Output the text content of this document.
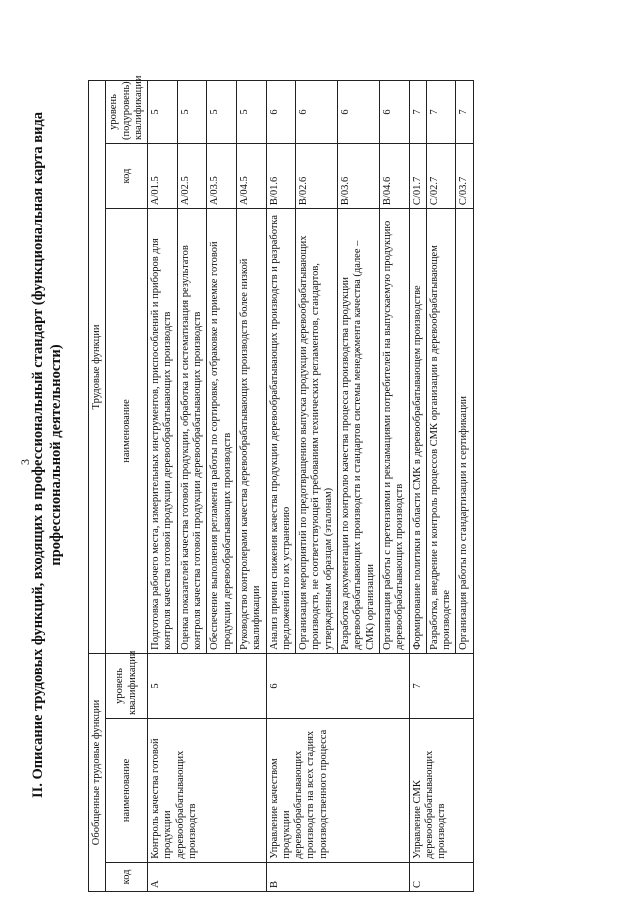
3
II. Описание трудовых функций, входящих в профессиональный стандарт (функциональная карта вида профессиональной деятельности)
Обобщенные трудовые функции			Трудовые функции		
код	наименование	уровень квалификации	наименование	код	уровень (подуровень) квалификации
A	Контроль качества готовой продукции деревообрабатывающих производств	5	Подготовка рабочего места, измерительных инструментов, приспособлений и приборов для контроля качества готовой продукции деревообрабатывающих производств	A/01.5	5
			Оценка показателей качества готовой продукции, обработка и систематизация результатов контроля качества готовой продукции деревообрабатывающих производств	A/02.5	5
			Обеспечение выполнения регламента работы по сортировке, отбраковке и приемке готовой продукции деревообрабатывающих производств	A/03.5	5
			Руководство контролерами качества деревообрабатывающих производств более низкой квалификации	A/04.5	5
B	Управление качеством продукции деревообрабатывающих производств на всех стадиях производственного процесса	6	Анализ причин снижения качества продукции деревообрабатывающих производств и разработка предложений по их устранению	B/01.6	6
			Организация мероприятий по предотвращению выпуска продукции деревообрабатывающих производств, не соответствующей требованиям технических регламентов, стандартов, утвержденным образцам (эталонам)	B/02.6	6
			Разработка документации по контролю качества процесса производства продукции деревообрабатывающих производств и стандартов системы менеджмента качества (далее – СМК) организации	B/03.6	6
			Организация работы с претензиями и рекламациями потребителей на выпускаемую продукцию деревообрабатывающих производств	B/04.6	6
C	Управление СМК деревообрабатывающих производств	7	Формирование политики в области СМК в деревообрабатывающем производстве	C/01.7	7
			Разработка, внедрение и контроль процессов СМК организации в деревообрабатывающем производстве	C/02.7	7
			Организация работы по стандартизации и сертификации	C/03.7	7
